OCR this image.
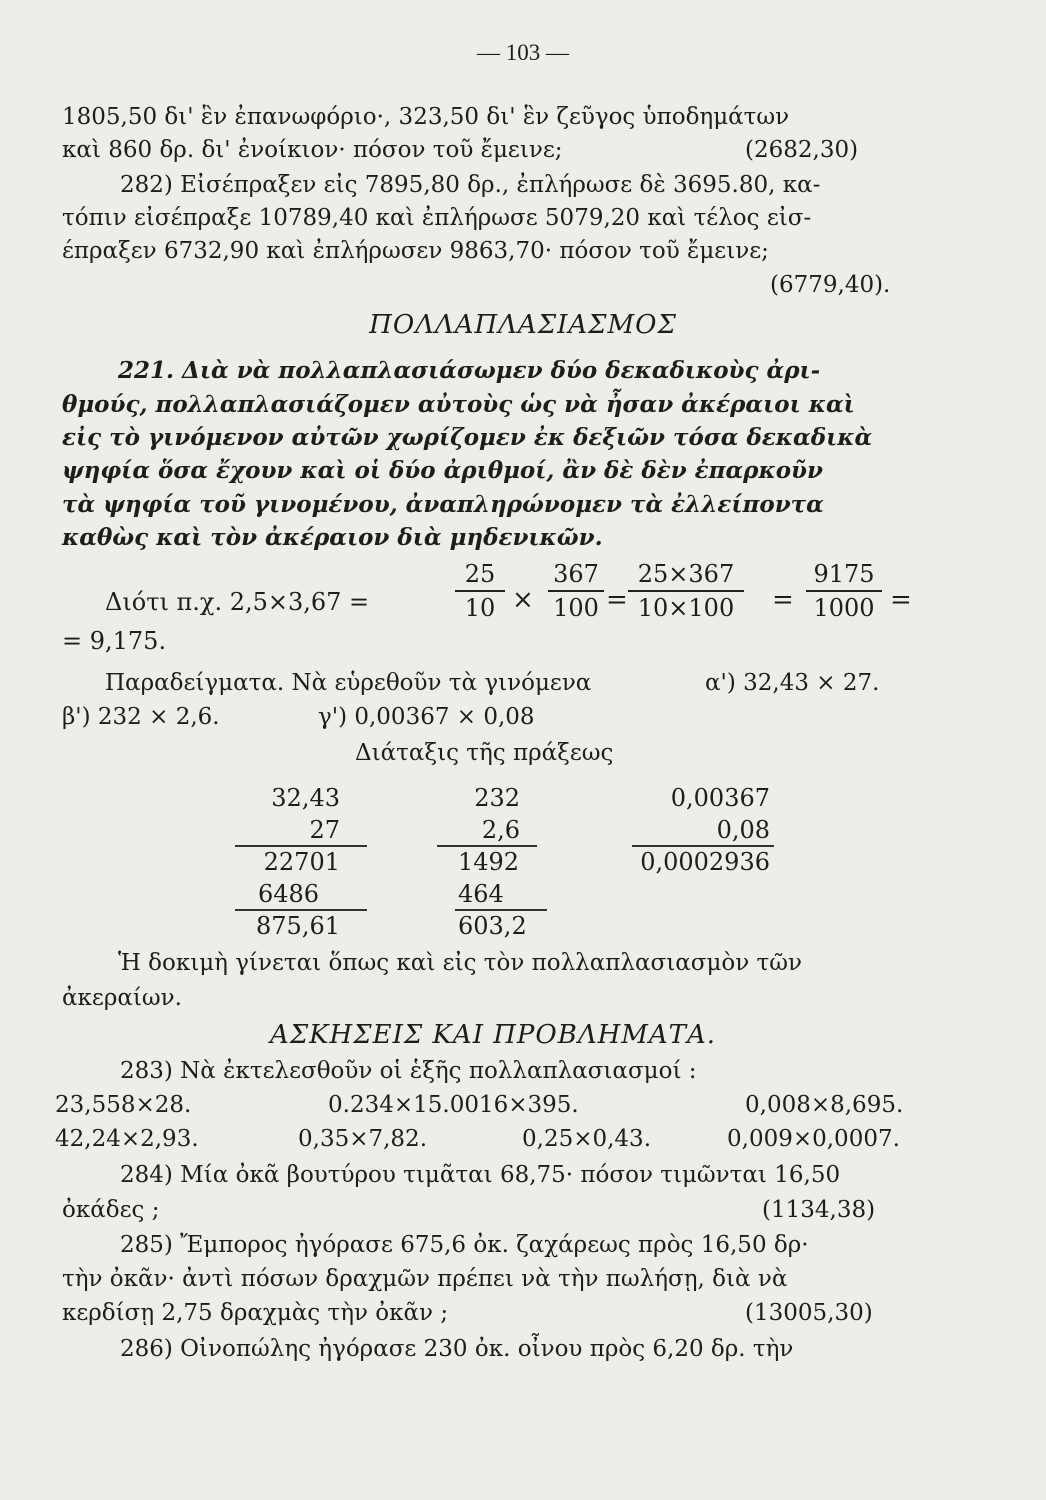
— 103 —
1805,50 δι' ἓν ἐπανωφόριο·, 323,50 δι' ἓν ζεῦγος ὑποδημάτων
καὶ 860 δρ. δι' ἐνοίκιον· πόσον τοῦ ἔμεινε;	(2682,30)
282) Εἰσέπραξεν εἰς 7895,80 δρ., ἐπλήρωσε δὲ 3695.80, κα-
τόπιν εἰσέπραξε 10789,40 καὶ ἐπλήρωσε 5079,20 καὶ τέλος εἰσ-
έπραξεν 6732,90 καὶ ἐπλήρωσεν 9863,70· πόσον τοῦ ἔμεινε;
(6779,40).
ΠΟΛΛΑΠΛΑΣΙΑΣΜΟΣ
221. Διὰ νὰ πολλαπλασιάσωμεν δύο δεκαδικοὺς ἀρι-
θμούς, πολλαπλασιάζομεν αὐτοὺς ὡς νὰ ἦσαν ἀκέραιοι καὶ
εἰς τὸ γινόμενον αὐτῶν χωρίζομεν ἐκ δεξιῶν τόσα δεκαδικὰ
ψηφία ὅσα ἔχουν καὶ οἱ δύο ἀριθμοί, ἂν δὲ δὲν ἐπαρκοῦν
τὰ ψηφία τοῦ γινομένου, ἀναπληρώνομεν τὰ ἐλλείποντα
καθὼς καὶ τὸν ἀκέραιον διὰ μηδενικῶν.
Διότι π.χ. 2,5×3,67 =
25
10 ×
367
100 =
25×367
10×100	=
9175
1000 =
= 9,175.
Παραδείγματα. Νὰ εὑρεθοῦν τὰ γινόμενα	α') 32,43 × 27.
β') 232 × 2,6.	γ') 0,00367 × 0,08
Διάταξις τῆς πράξεως
32,43
27
22701
6486
875,61
232
2,6
1492
464
603,2
0,00367
0,08
0,0002936
Ἡ δοκιμὴ γίνεται ὅπως καὶ εἰς τὸν πολλαπλασιασμὸν τῶν
ἀκεραίων.
ΑΣΚΗΣΕΙΣ ΚΑΙ ΠΡΟΒΛΗΜΑΤΑ.
283) Νὰ ἐκτελεσθοῦν οἱ ἑξῆς πολλαπλασιασμοί :
23,558×28.	0.234×15.0016×395.	0,008×8,695.
42,24×2,93.	0,35×7,82.	0,25×0,43.	0,009×0,0007.
284) Μία ὀκᾶ βουτύρου τιμᾶται 68,75· πόσον τιμῶνται 16,50
ὀκάδες ;	(1134,38)
285) Ἔμπορος ἠγόρασε 675,6 ὀκ. ζαχάρεως πρὸς 16,50 δρ·
τὴν ὀκᾶν· ἀντὶ πόσων δραχμῶν πρέπει νὰ τὴν πωλήσῃ, διὰ νὰ
κερδίσῃ 2,75 δραχμὰς τὴν ὀκᾶν ;	(13005,30)
286) Οἰνοπώλης ἠγόρασε 230 ὀκ. οἶνου πρὸς 6,20 δρ. τὴν
